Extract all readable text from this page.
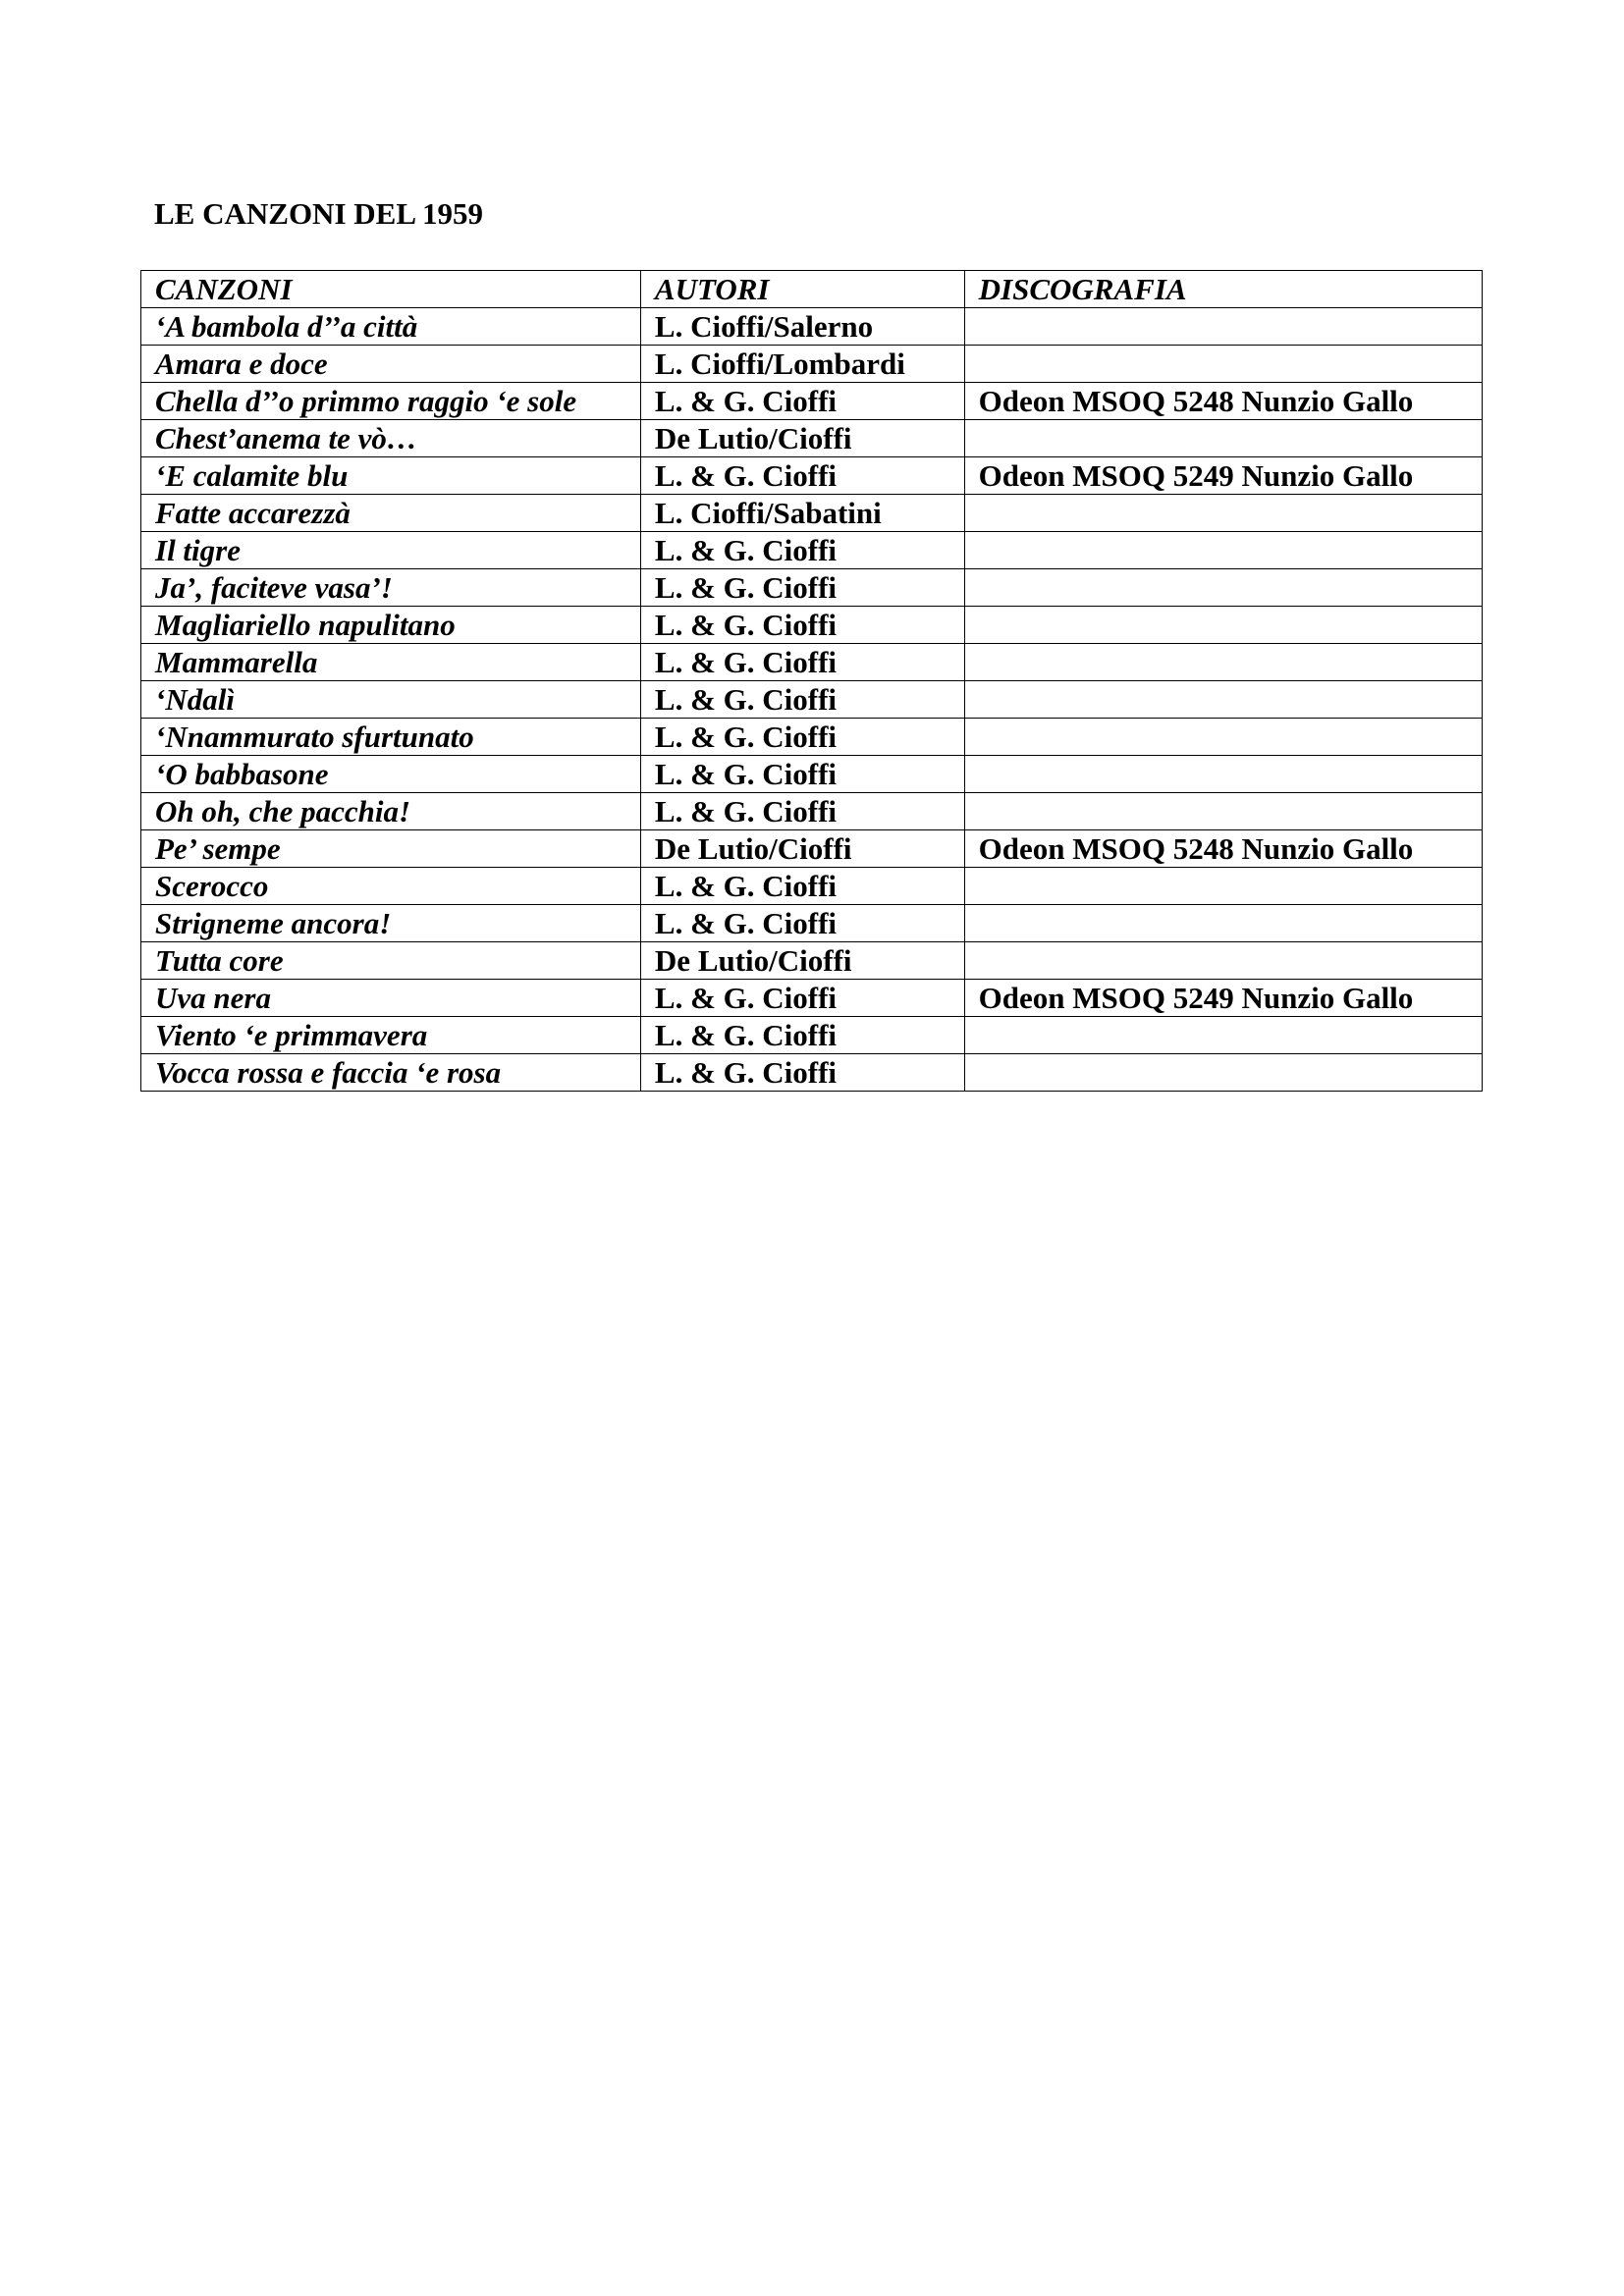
LE CANZONI DEL 1959
CANZONI	AUTORI	DISCOGRAFIA
‘A bambola d’’a città	L. Cioffi/Salerno	
Amara e doce	L. Cioffi/Lombardi	
Chella d’’o primmo raggio ‘e sole	L. & G. Cioffi	Odeon MSOQ 5248 Nunzio Gallo
Chest’anema te vò…	De Lutio/Cioffi	
‘E calamite blu	L. & G. Cioffi	Odeon MSOQ 5249 Nunzio Gallo
Fatte accarezzà	L. Cioffi/Sabatini	
Il tigre	L. & G. Cioffi	
Ja’, faciteve vasa’!	L. & G. Cioffi	
Magliariello napulitano	L. & G. Cioffi	
Mammarella	L. & G. Cioffi	
‘Ndalì	L. & G. Cioffi	
‘Nnammurato sfurtunato	L. & G. Cioffi	
‘O babbasone	L. & G. Cioffi	
Oh oh, che pacchia!	L. & G. Cioffi	
Pe’ sempe	De Lutio/Cioffi	Odeon MSOQ 5248 Nunzio Gallo
Scerocco	L. & G. Cioffi	
Strigneme ancora!	L. & G. Cioffi	
Tutta core	De Lutio/Cioffi	
Uva nera	L. & G. Cioffi	Odeon MSOQ 5249 Nunzio Gallo
Viento ‘e primmavera	L. & G. Cioffi	
Vocca rossa e faccia ‘e rosa	L. & G. Cioffi	
